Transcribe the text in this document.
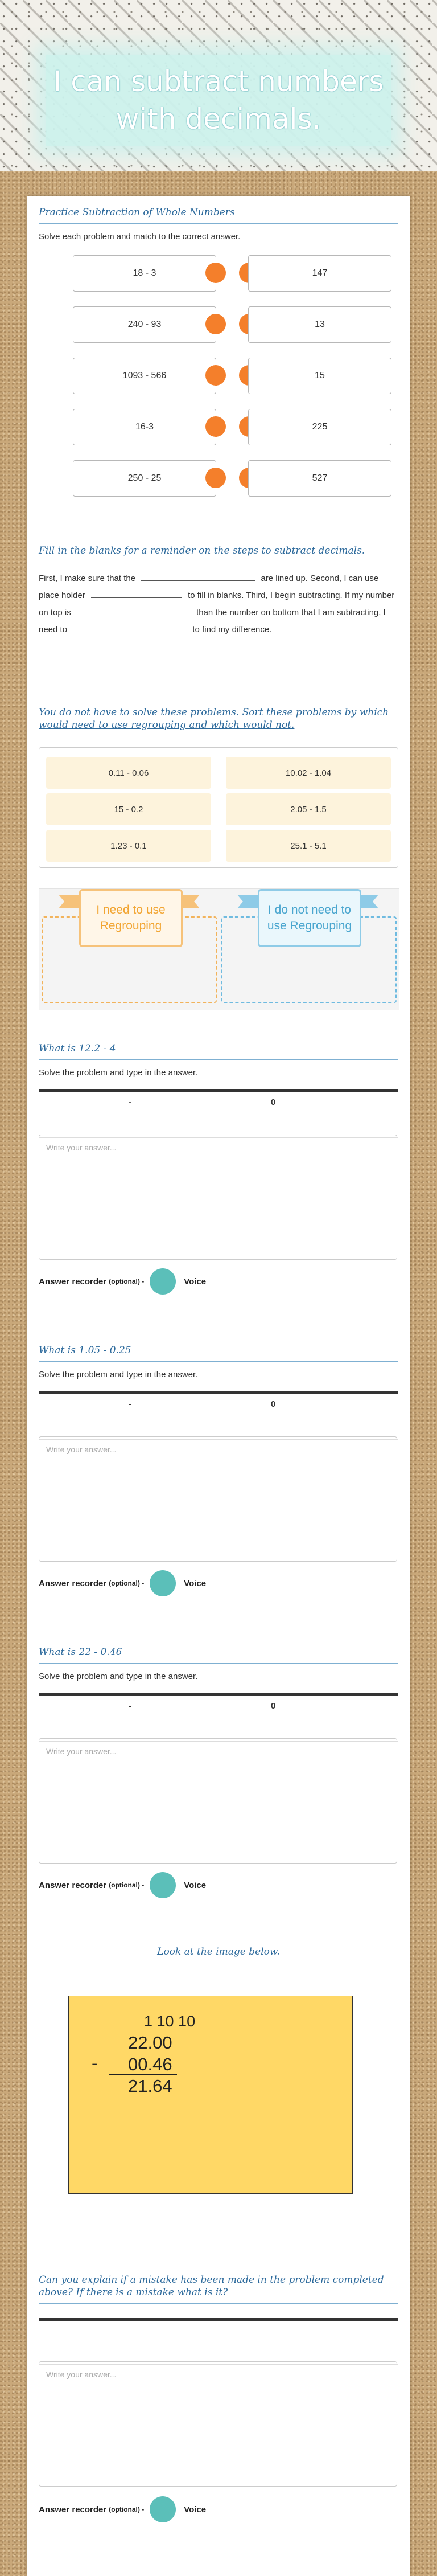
I can subtract numbers
with decimals.

Practice Subtraction of Whole Numbers

Solve each problem and match to the correct answer.
18 - 3	147
240 - 93	13
1093 - 566	15
16-3	225
250 - 25	527

Fill in the blanks for a reminder on the steps to subtract decimals.

First, I make sure that the	are lined up. Second, I can use place holder	to fill in blanks. Third, I begin subtracting. If my number on top is	than the number on bottom that I am subtracting, I need to	to find my difference.

You do not have to solve these problems. Sort these problems by which would need to use regrouping and which would not.

0.11 - 0.06	10.02 - 1.04
15 - 0.2	2.05 - 1.5
1.23 - 0.1	25.1 - 5.1
I need to use Regrouping
I do not need to use Regrouping

What is 12.2 - 4

Solve the problem and type in the answer.
-	0
Write your answer...
Answer recorder (optional) -	Voice

What is 1.05 - 0.25

Solve the problem and type in the answer.
-	0
Write your answer...
Answer recorder (optional) -	Voice

What is 22 - 0.46

Solve the problem and type in the answer.
-	0
Write your answer...
Answer recorder (optional) -	Voice

Look at the image below.

1 10 10
22.00
- 00.46
21.64

Can you explain if a mistake has been made in the problem completed above? If there is a mistake what is it?

Write your answer...
Answer recorder (optional) -	Voice
